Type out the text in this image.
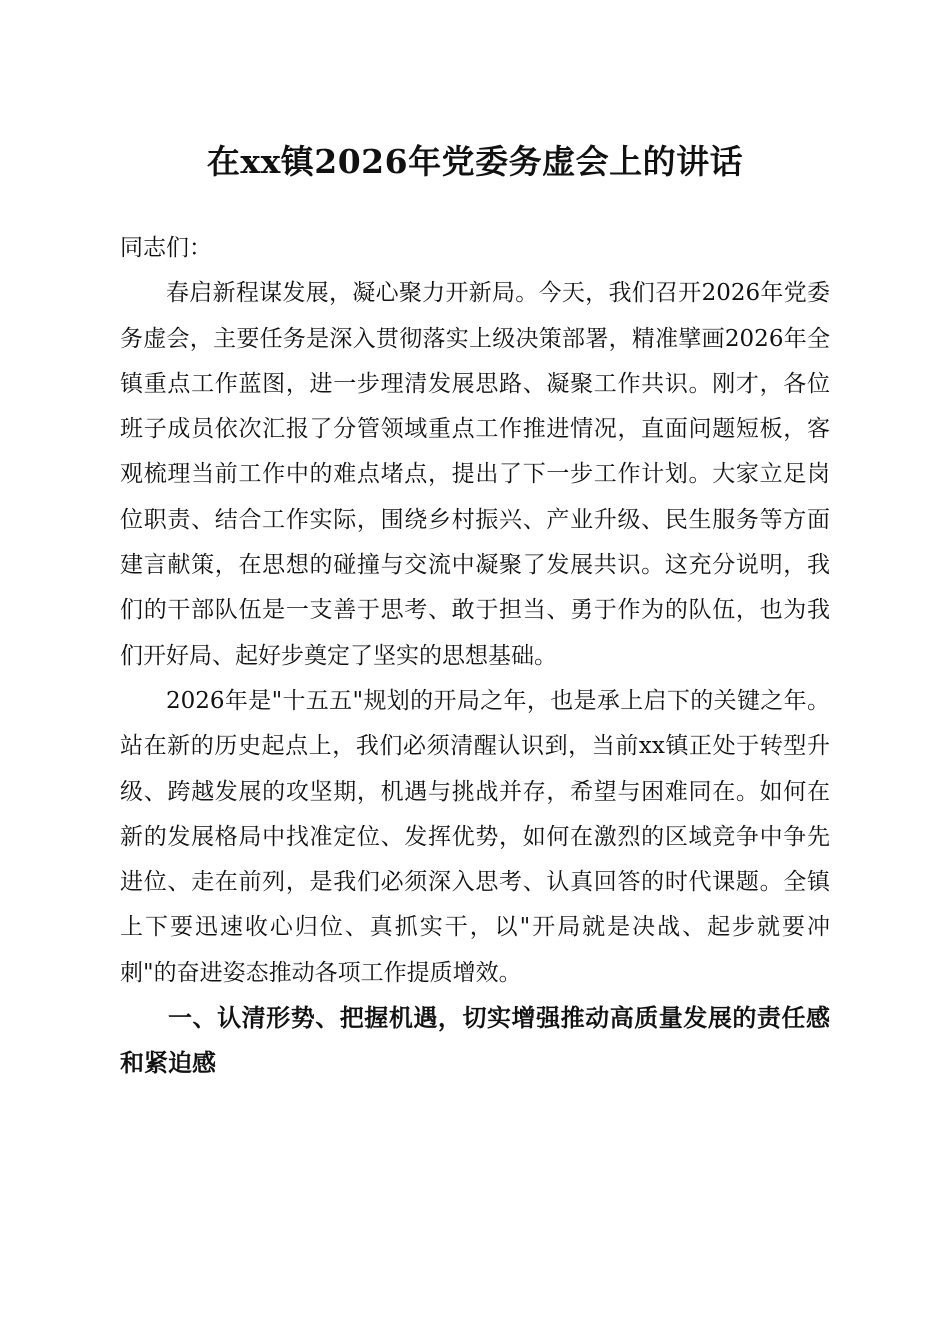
在xx镇2026年党委务虚会上的讲话

同志们：

春启新程谋发展，凝心聚力开新局。今天，我们召开2026年党委务虚会，主要任务是深入贯彻落实上级决策部署，精准擘画2026年全镇重点工作蓝图，进一步理清发展思路、凝聚工作共识。刚才，各位班子成员依次汇报了分管领域重点工作推进情况，直面问题短板，客观梳理当前工作中的难点堵点，提出了下一步工作计划。大家立足岗位职责、结合工作实际，围绕乡村振兴、产业升级、民生服务等方面建言献策，在思想的碰撞与交流中凝聚了发展共识。这充分说明，我们的干部队伍是一支善于思考、敢于担当、勇于作为的队伍，也为我们开好局、起好步奠定了坚实的思想基础。

2026年是"十五五"规划的开局之年，也是承上启下的关键之年。站在新的历史起点上，我们必须清醒认识到，当前xx镇正处于转型升级、跨越发展的攻坚期，机遇与挑战并存，希望与困难同在。如何在新的发展格局中找准定位、发挥优势，如何在激烈的区域竞争中争先进位、走在前列，是我们必须深入思考、认真回答的时代课题。全镇上下要迅速收心归位、真抓实干，以"开局就是决战、起步就要冲刺"的奋进姿态推动各项工作提质增效。

一、认清形势、把握机遇，切实增强推动高质量发展的责任感和紧迫感
